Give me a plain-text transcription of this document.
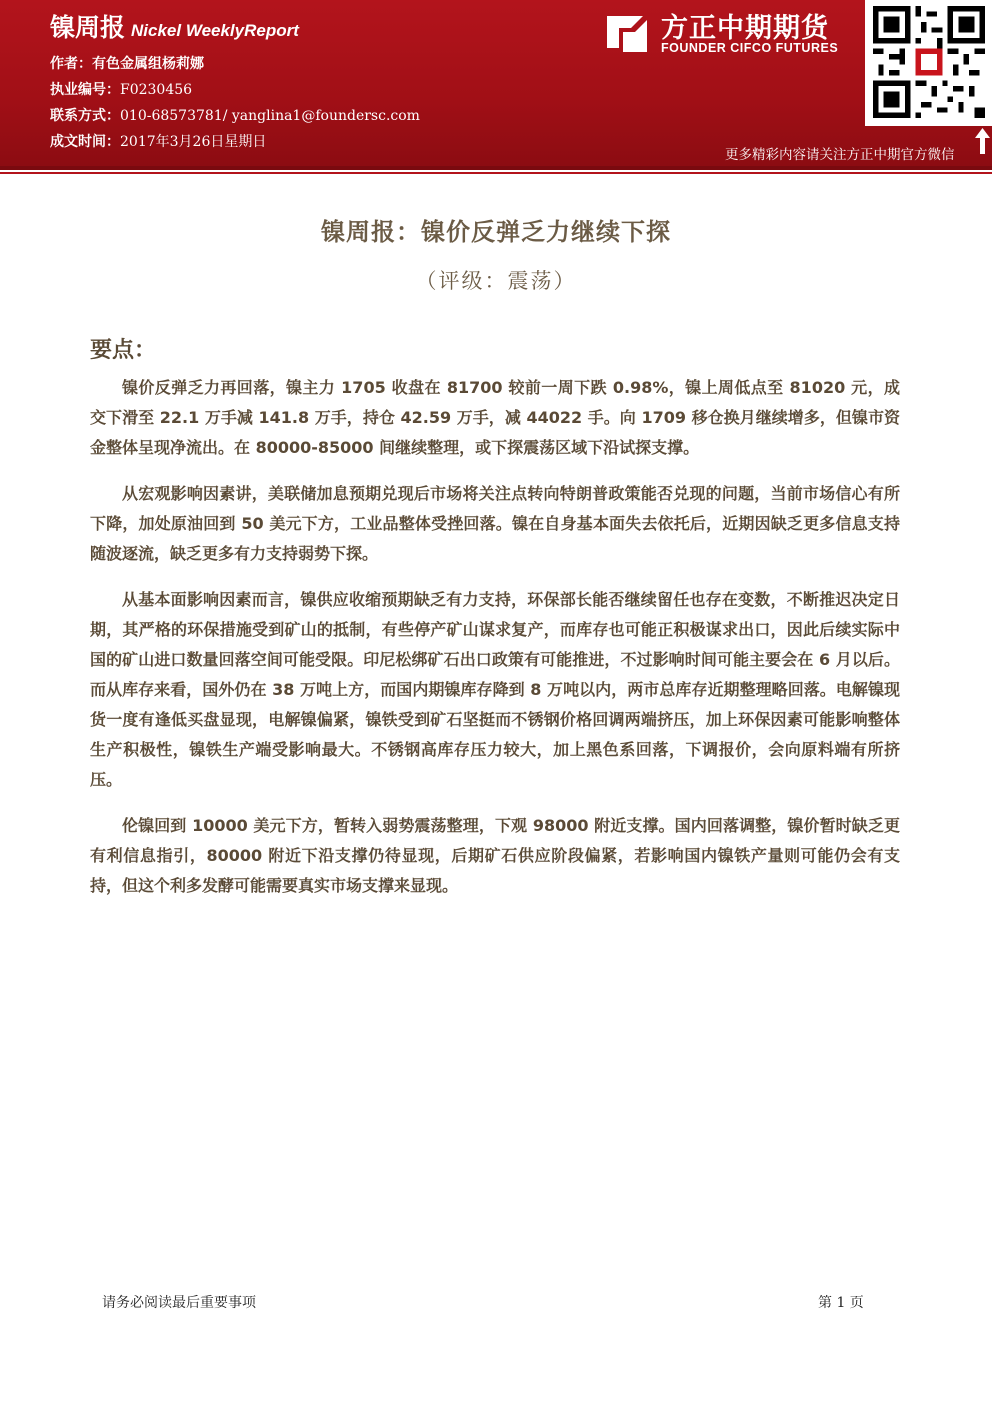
镍周报 Nickel WeeklyReport
作者：有色金属组杨莉娜
执业编号：F0230456
联系方式：010-68573781/ yanglina1@foundersc.com
成文时间：2017年3月26日星期日
方正中期期货
FOUNDER CIFCO FUTURES
更多精彩内容请关注方正中期官方微信
镍周报：镍价反弹乏力继续下探
（评级：震荡）
要点：

镍价反弹乏力再回落，镍主力 1705 收盘在 81700 较前一周下跌 0.98%，镍上周低点至 81020 元，成交下滑至 22.1 万手减 141.8 万手，持仓 42.59 万手，减 44022 手。向 1709 移仓换月继续增多，但镍市资金整体呈现净流出。在 80000-85000 间继续整理，或下探震荡区域下沿试探支撑。

从宏观影响因素讲，美联储加息预期兑现后市场将关注点转向特朗普政策能否兑现的问题，当前市场信心有所下降，加处原油回到 50 美元下方，工业品整体受挫回落。镍在自身基本面失去依托后，近期因缺乏更多信息支持随波逐流，缺乏更多有力支持弱势下探。

从基本面影响因素而言，镍供应收缩预期缺乏有力支持，环保部长能否继续留任也存在变数，不断推迟决定日期，其严格的环保措施受到矿山的抵制，有些停产矿山谋求复产，而库存也可能正积极谋求出口，因此后续实际中国的矿山进口数量回落空间可能受限。印尼松绑矿石出口政策有可能推进，不过影响时间可能主要会在 6 月以后。而从库存来看，国外仍在 38 万吨上方，而国内期镍库存降到 8 万吨以内，两市总库存近期整理略回落。电解镍现货一度有逢低买盘显现，电解镍偏紧，镍铁受到矿石坚挺而不锈钢价格回调两端挤压，加上环保因素可能影响整体生产积极性，镍铁生产端受影响最大。不锈钢高库存压力较大，加上黑色系回落，下调报价，会向原料端有所挤压。

伦镍回到 10000 美元下方，暂转入弱势震荡整理，下观 98000 附近支撑。国内回落调整，镍价暂时缺乏更有利信息指引，80000 附近下沿支撑仍待显现，后期矿石供应阶段偏紧，若影响国内镍铁产量则可能仍会有支持，但这个利多发酵可能需要真实市场支撑来显现。

请务必阅读最后重要事项	第 1 页
